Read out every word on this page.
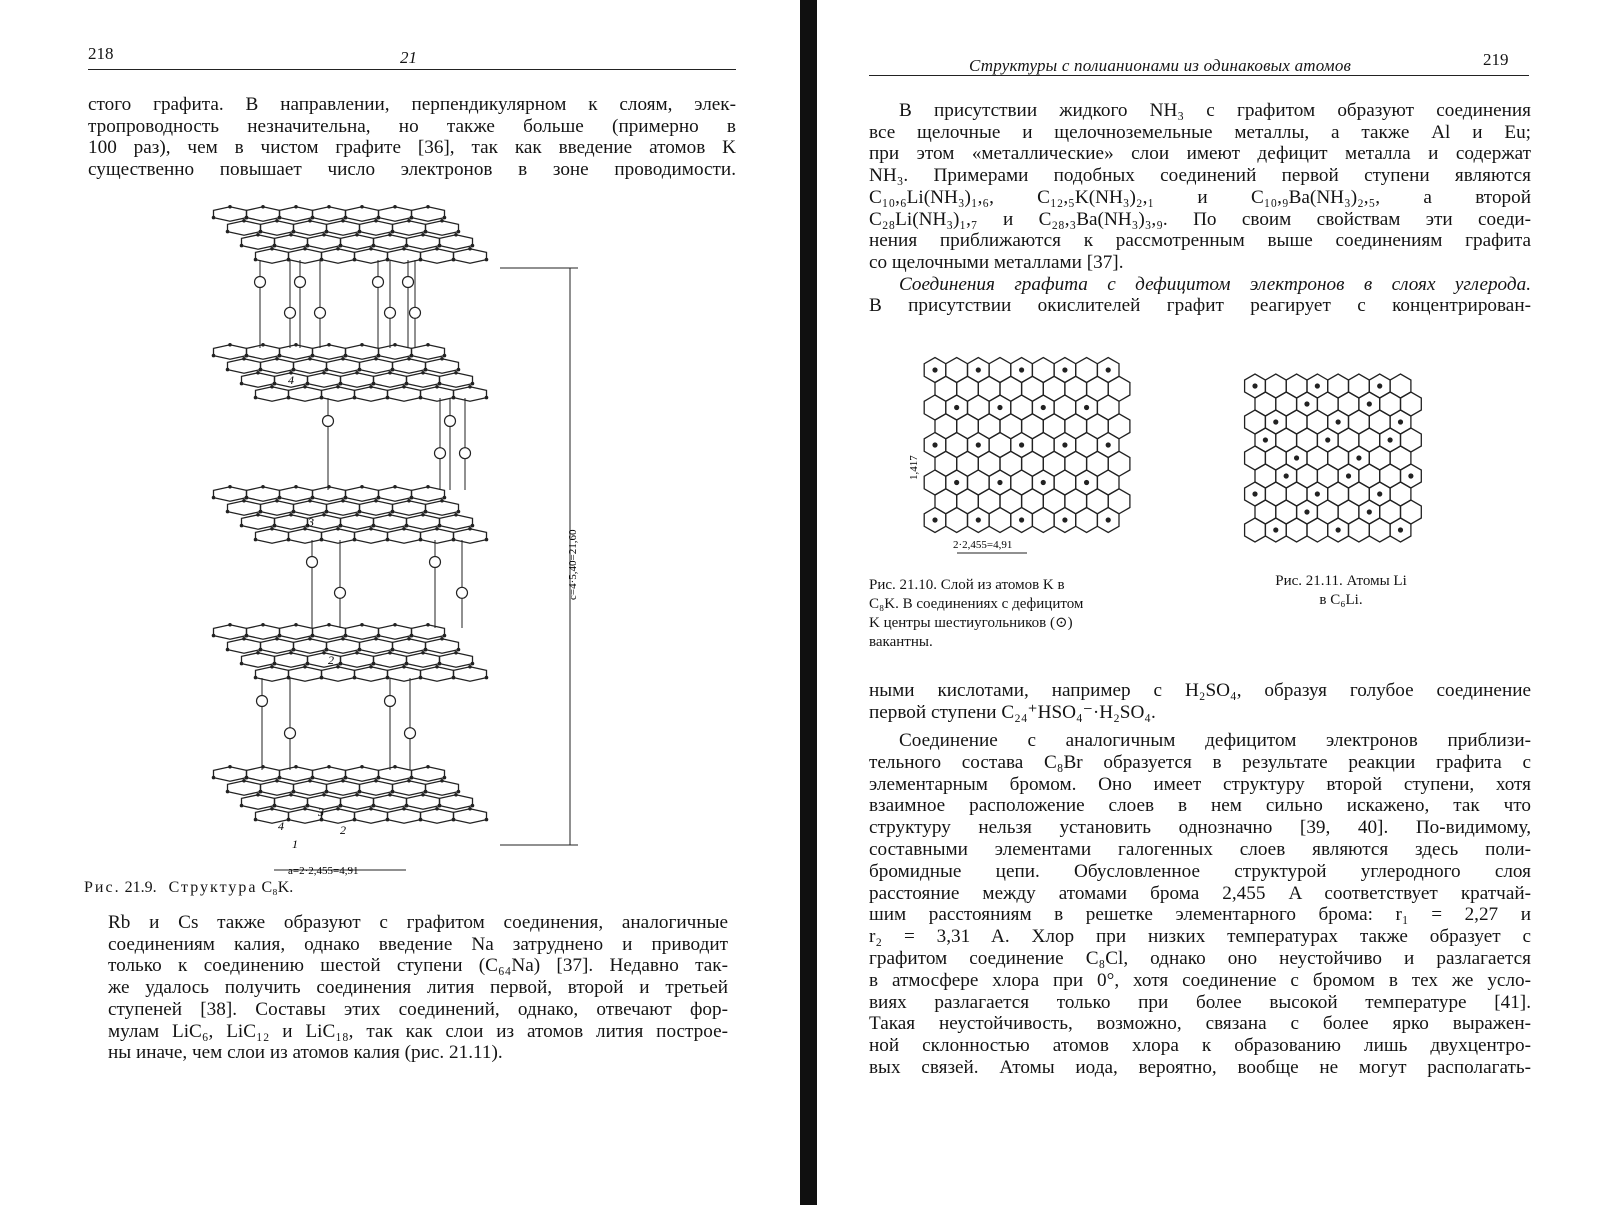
218	21
стого графита. В направлении, перпендикулярном к слоям, элек-
тропроводность незначительна, но также больше (примерно в
100 раз), чем в чистом графите [36], так как введение атомов K
существенно повышает число электронов в зоне проводимости.
4
3
2
3
4	2
1
c=4·5,40=21,60
a=2·2,455=4,91
Рис. 21.9. Структура C₈K.
Rb и Cs также образуют с графитом соединения, аналогичные
соединениям калия, однако введение Na затруднено и приводит
только к соединению шестой ступени (C₆₄Na) [37]. Недавно так-
же удалось получить соединения лития первой, второй и третьей
ступеней [38]. Составы этих соединений, однако, отвечают фор-
мулам LiC₆, LiC₁₂ и LiC₁₈, так как слои из атомов лития построе-
ны иначе, чем слои из атомов калия (рис. 21.11).
Структуры с полианионами из одинаковых атомов	219
В присутствии жидкого NH₃ с графитом образуют соединения
все щелочные и щелочноземельные металлы, а также Al и Eu;
при этом «металлические» слои имеют дефицит металла и содержат
NH₃. Примерами подобных соединений первой ступени являются
C₁₀,₆Li(NH₃)₁,₆, C₁₂,₅K(NH₃)₂,₁ и C₁₀,₉Ba(NH₃)₂,₅, а второй
C₂₈Li(NH₃)₁,₇ и C₂₈,₃Ba(NH₃)₃,₉. По своим свойствам эти соеди-
нения приближаются к рассмотренным выше соединениям графита
со щелочными металлами [37].
Соединения графита с дефицитом электронов в слоях углерода.
В присутствии окислителей графит реагирует с концентрирован-
1,417
2·2,455=4,91

Рис. 21.10. Слой из атомов K в

C₈K. В соединениях с дефицитом

K центры шестиугольников (⊙)

вакантны.

Рис. 21.11. Атомы Li

в C₆Li.

ными кислотами, например с H₂SO₄, образуя голубое соединение
первой ступени C₂₄⁺HSO₄⁻·H₂SO₄.
Соединение с аналогичным дефицитом электронов приблизи-
тельного состава C₈Br образуется в результате реакции графита с
элементарным бромом. Оно имеет структуру второй ступени, хотя
взаимное расположение слоев в нем сильно искажено, так что
структуру нельзя установить однозначно [39, 40]. По-видимому,
составными элементами галогенных слоев являются здесь поли-
бромидные цепи. Обусловленное структурой углеродного слоя
расстояние между атомами брома 2,455 A соответствует кратчай-
шим расстояниям в решетке элементарного брома: r₁ = 2,27 и
r₂ = 3,31 A. Хлор при низких температурах также образует с
графитом соединение C₈Cl, однако оно неустойчиво и разлагается
в атмосфере хлора при 0°, хотя соединение с бромом в тех же усло-
виях разлагается только при более высокой температуре [41].
Такая неустойчивость, возможно, связана с более ярко выражен-
ной склонностью атомов хлора к образованию лишь двухцентро-
вых связей. Атомы иода, вероятно, вообще не могут располагать-
